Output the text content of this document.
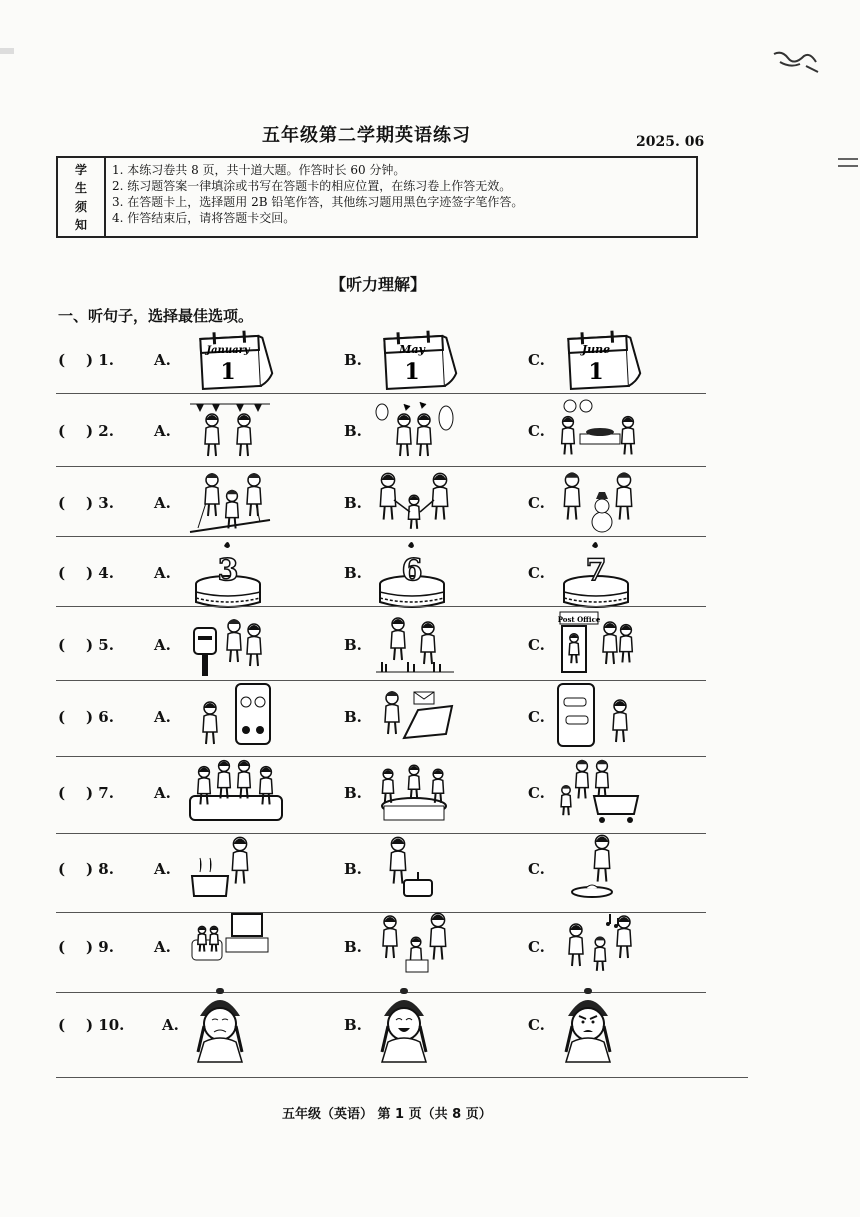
五年级第二学期英语练习	2025. 06
学
生
须
知
1. 本练习卷共 8 页，共十道大题。作答时长 60 分钟。
2. 练习题答案一律填涂或书写在答题卡的相应位置，在练习卷上作答无效。
3. 在答题卡上，选择题用 2B 铅笔作答，其他练习题用黑色字迹签字笔作答。
4. 作答结束后，请将答题卡交回。
【听力理解】
一、听句子，选择最佳选项。
(    ) 1.	A.
January
1	B.
May
1	C.
June
1
(    ) 2.	A.	B.	C.
(    ) 3.	A.	B.	C.
(    ) 4.	A. 3	B. 6	C. 7
(    ) 5.	A.	B.	C.
Post Office
(    ) 6.	A.	B.	C.
(    ) 7.	A.	B.	C.
(    ) 8.	A.	B.	C.
(    ) 9.	A.	B.	C.
(    ) 10.	A.	B.	C.
五年级（英语） 第 1 页（共 8 页）
